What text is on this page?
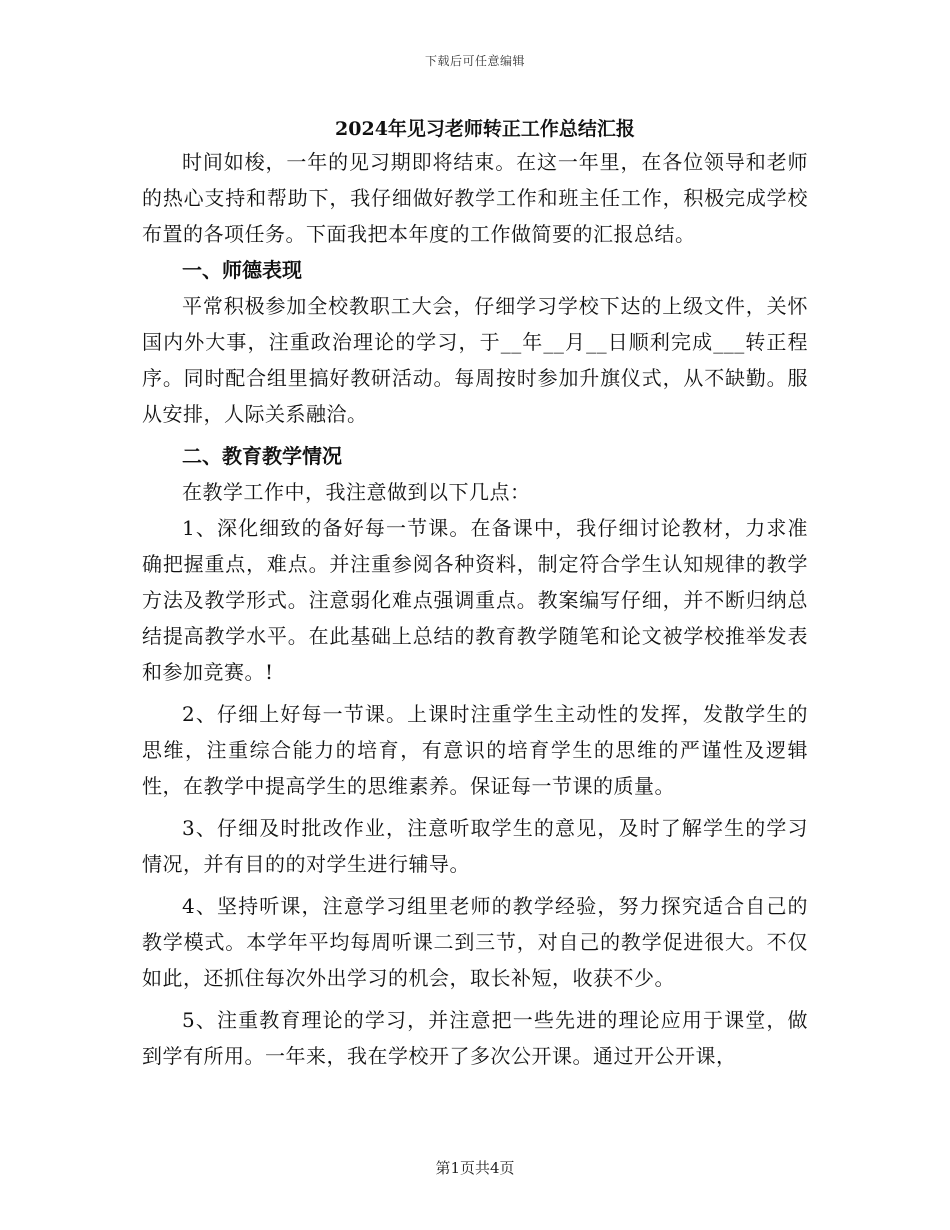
下载后可任意编辑
2024年见习老师转正工作总结汇报

时间如梭，一年的见习期即将结束。在这一年里，在各位领导和老师的热心支持和帮助下，我仔细做好教学工作和班主任工作，积极完成学校布置的各项任务。下面我把本年度的工作做简要的汇报总结。

一、师德表现

平常积极参加全校教职工大会，仔细学习学校下达的上级文件，关怀国内外大事，注重政治理论的学习，于__年__月__日顺利完成___转正程序。同时配合组里搞好教研活动。每周按时参加升旗仪式，从不缺勤。服从安排，人际关系融洽。

二、教育教学情况

在教学工作中，我注意做到以下几点：

1、深化细致的备好每一节课。在备课中，我仔细讨论教材，力求准确把握重点，难点。并注重参阅各种资料，制定符合学生认知规律的教学方法及教学形式。注意弱化难点强调重点。教案编写仔细，并不断归纳总结提高教学水平。在此基础上总结的教育教学随笔和论文被学校推举发表和参加竞赛。!

2、仔细上好每一节课。上课时注重学生主动性的发挥，发散学生的思维，注重综合能力的培育，有意识的培育学生的思维的严谨性及逻辑性，在教学中提高学生的思维素养。保证每一节课的质量。

3、仔细及时批改作业，注意听取学生的意见，及时了解学生的学习情况，并有目的的对学生进行辅导。

4、坚持听课，注意学习组里老师的教学经验，努力探究适合自己的教学模式。本学年平均每周听课二到三节，对自己的教学促进很大。不仅如此，还抓住每次外出学习的机会，取长补短，收获不少。

5、注重教育理论的学习，并注意把一些先进的理论应用于课堂，做到学有所用。一年来，我在学校开了多次公开课。通过开公开课，

第1页共4页
